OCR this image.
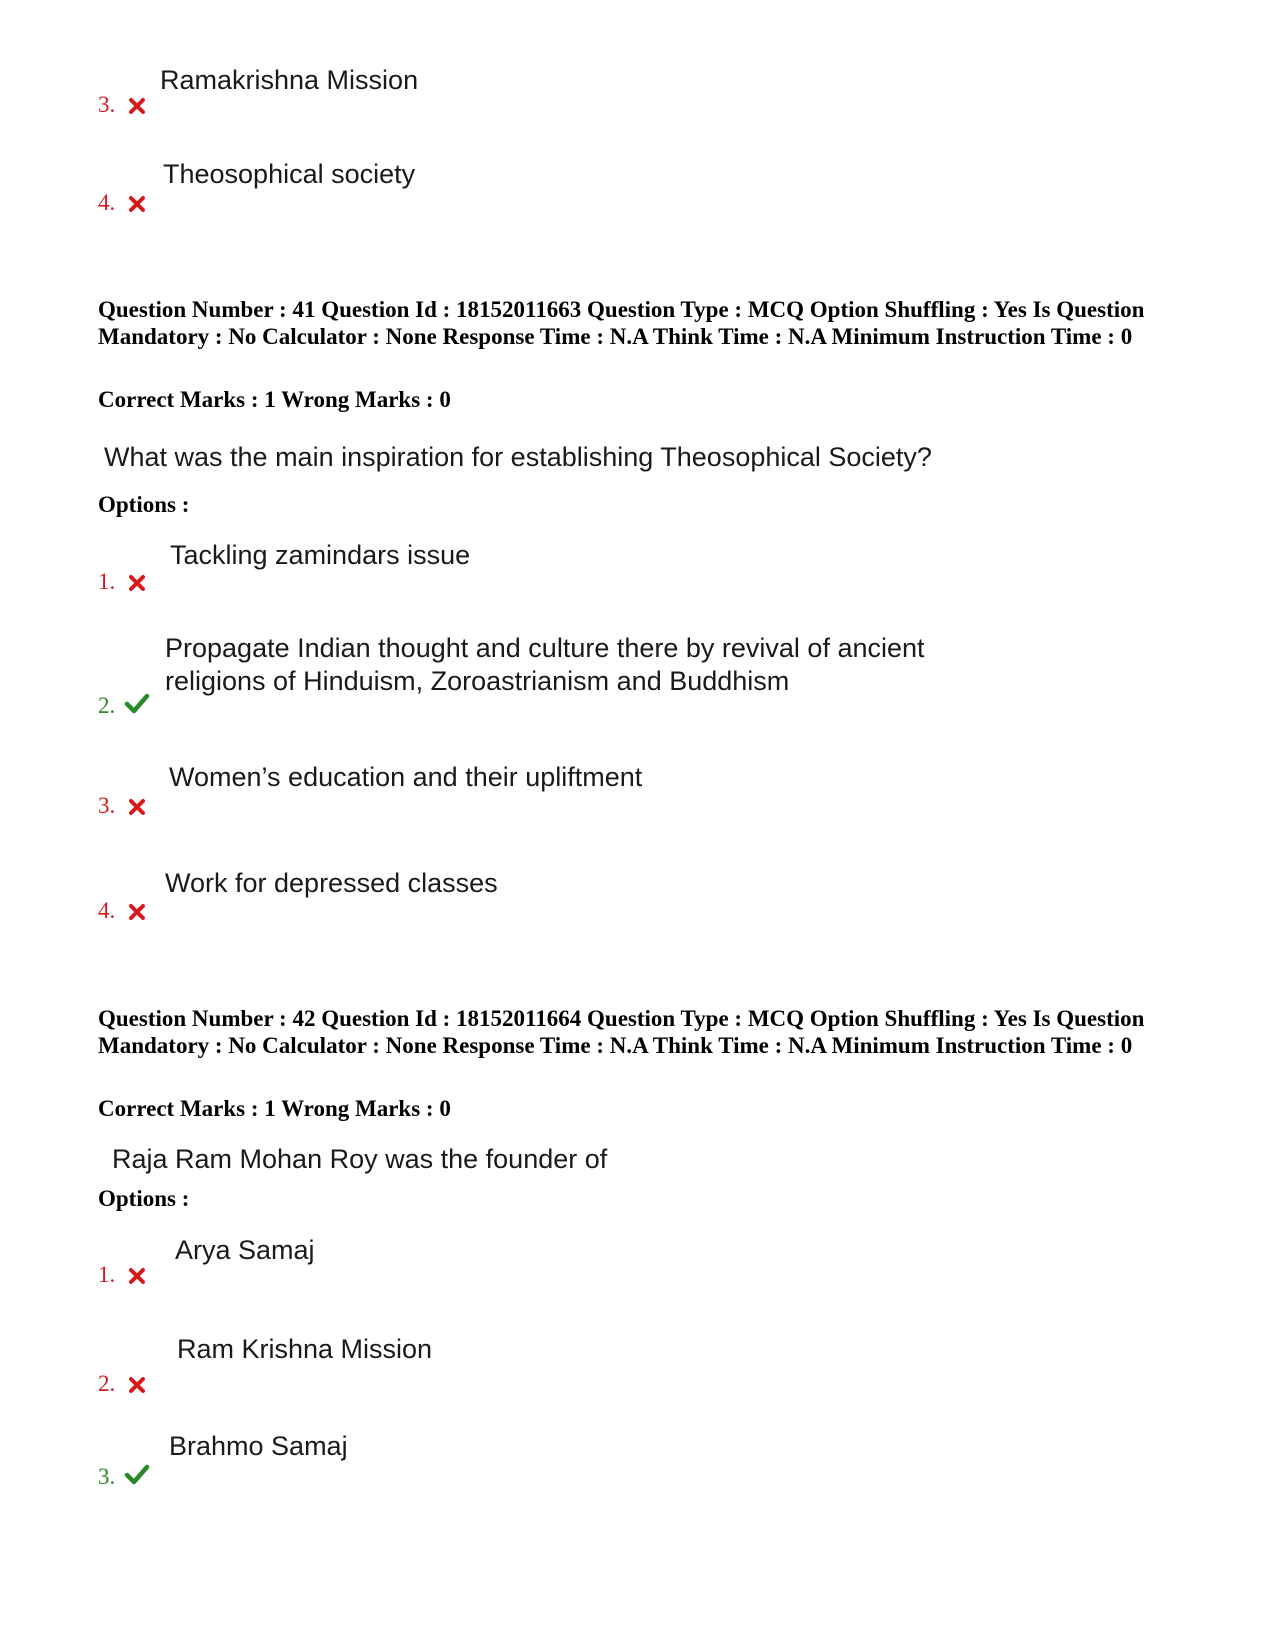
Ramakrishna Mission
3.
Theosophical society
4.
Question Number : 41 Question Id : 18152011663 Question Type : MCQ Option Shuffling : Yes Is Question Mandatory : No Calculator : None Response Time : N.A Think Time : N.A Minimum Instruction Time : 0
Correct Marks : 1 Wrong Marks : 0
What was the main inspiration for establishing Theosophical Society?
Options :
Tackling zamindars issue
1.
Propagate Indian thought and culture there by revival of ancient
religions of Hinduism, Zoroastrianism and Buddhism
2.
Women’s education and their upliftment
3.
Work for depressed classes
4.
Question Number : 42 Question Id : 18152011664 Question Type : MCQ Option Shuffling : Yes Is Question Mandatory : No Calculator : None Response Time : N.A Think Time : N.A Minimum Instruction Time : 0
Correct Marks : 1 Wrong Marks : 0
Raja Ram Mohan Roy was the founder of
Options :
Arya Samaj
1.
Ram Krishna Mission
2.
Brahmo Samaj
3.
